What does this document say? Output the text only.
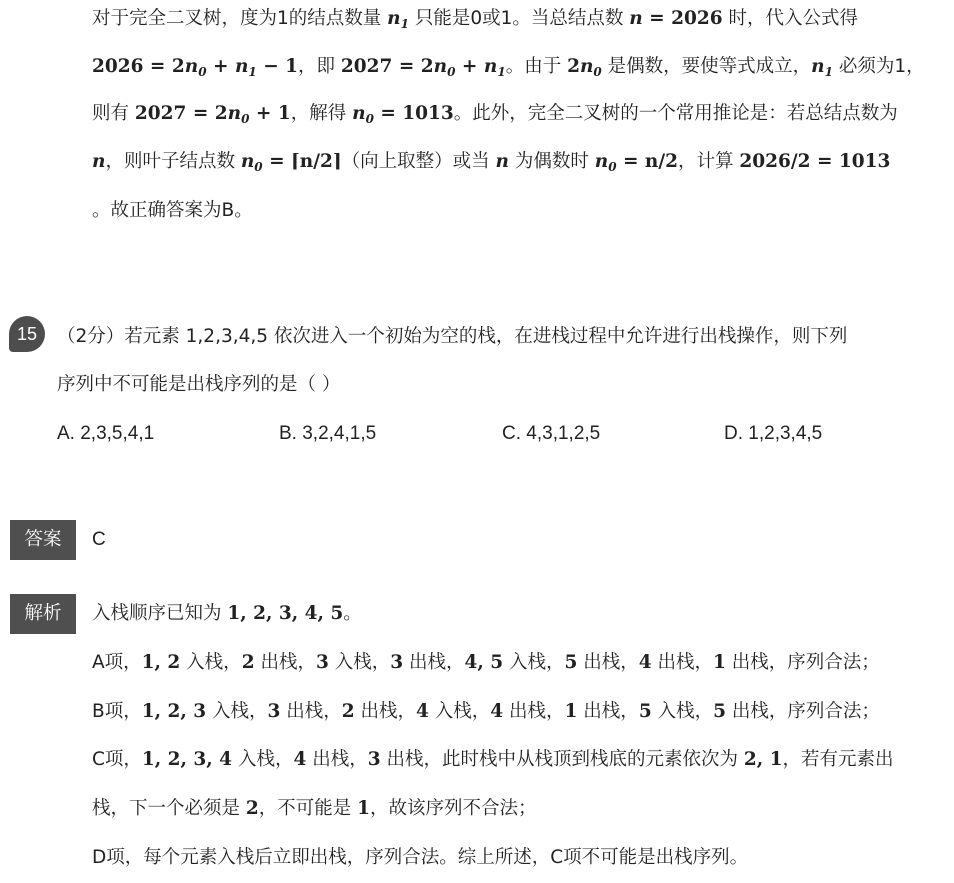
对于完全二叉树，度为1的结点数量 $n_1$ 只能是0或1。当总结点数 n = 2026 时，代入公式得
$2026 = 2n_0 + n_1 - 1$，即 $2027 = 2n_0 + n_1$。由于 $2n_0$ 是偶数，要使等式成立，$n_1$ 必须为1，
则有 $2027 = 2n_0 + 1$，解得 $n_0 = 1013$。此外，完全二叉树的一个常用推论是：若总结点数为
n，则叶子结点数 $n_0$ = ⌈n/2⌉（向上取整）或当 n 为偶数时 $n_0 = n/2$，计算 2026/2 = 1013
。故正确答案为B。
15	（2分）若元素 1,2,3,4,5 依次进入一个初始为空的栈，在进栈过程中允许进行出栈操作，则下列
序列中不可能是出栈序列的是（ ）
A. 2,3,5,4,1	B. 3,2,4,1,5	C. 4,3,1,2,5	D. 1,2,3,4,5
答案	C
解析	入栈顺序已知为 1, 2, 3, 4, 5。
A项，1, 2 入栈，2 出栈，3 入栈，3 出栈，4, 5 入栈，5 出栈，4 出栈，1 出栈，序列合法；
B项，1, 2, 3 入栈，3 出栈，2 出栈，4 入栈，4 出栈，1 出栈，5 入栈，5 出栈，序列合法；
C项，1, 2, 3, 4 入栈，4 出栈，3 出栈，此时栈中从栈顶到栈底的元素依次为 2, 1，若有元素出
栈，下一个必须是 2，不可能是 1，故该序列不合法；
D项，每个元素入栈后立即出栈，序列合法。综上所述，C项不可能是出栈序列。
